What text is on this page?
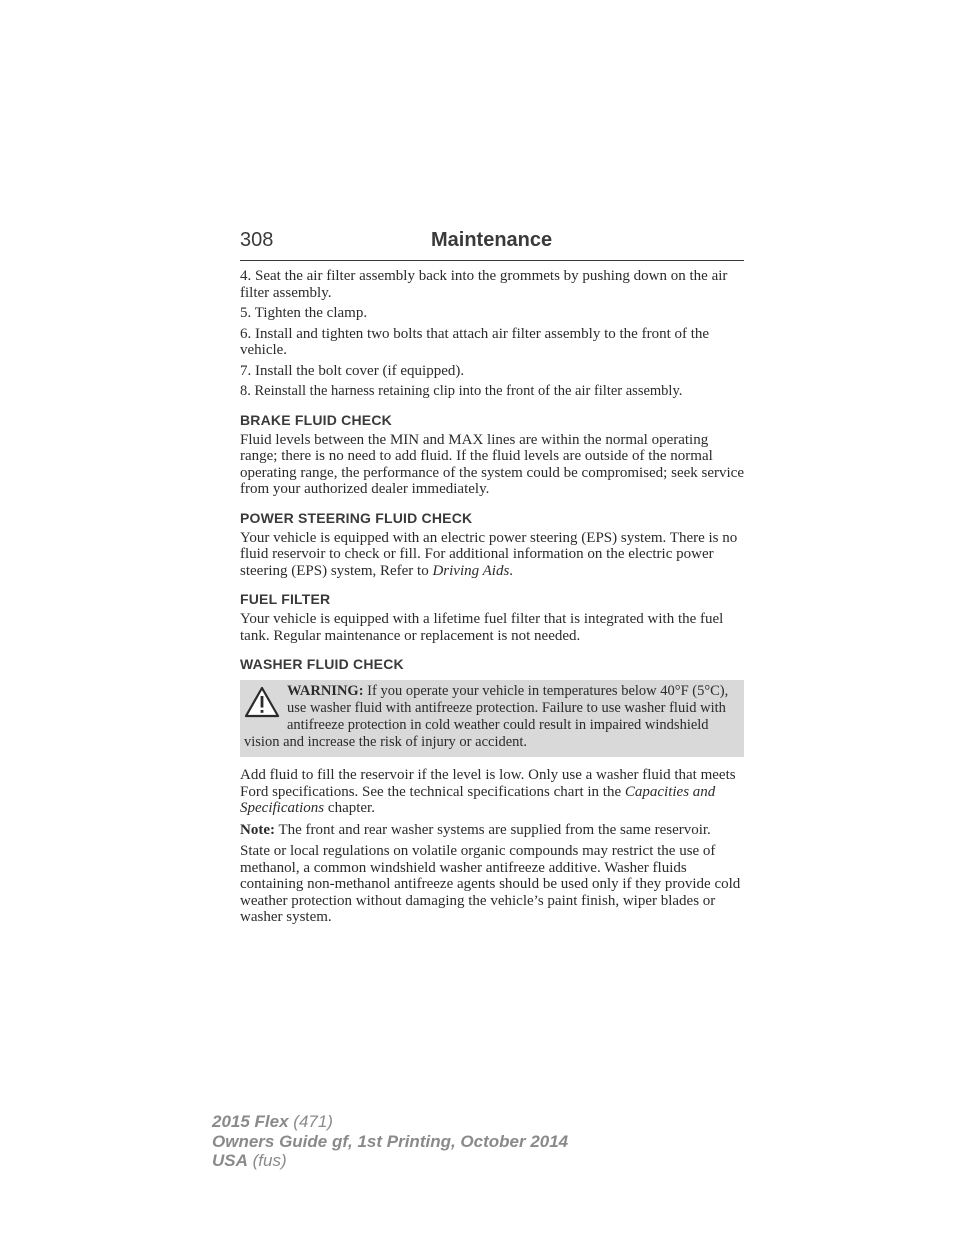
308	Maintenance

4. Seat the air filter assembly back into the grommets by pushing down on the air filter assembly.

5. Tighten the clamp.

6. Install and tighten two bolts that attach air filter assembly to the front of the vehicle.

7. Install the bolt cover (if equipped).

8. Reinstall the harness retaining clip into the front of the air filter assembly.

BRAKE FLUID CHECK

Fluid levels between the MIN and MAX lines are within the normal operating range; there is no need to add fluid. If the fluid levels are outside of the normal operating range, the performance of the system could be compromised; seek service from your authorized dealer immediately.

POWER STEERING FLUID CHECK

Your vehicle is equipped with an electric power steering (EPS) system. There is no fluid reservoir to check or fill. For additional information on the electric power steering (EPS) system, Refer to Driving Aids.

FUEL FILTER

Your vehicle is equipped with a lifetime fuel filter that is integrated with the fuel tank. Regular maintenance or replacement is not needed.

WASHER FLUID CHECK

WARNING: If you operate your vehicle in temperatures below 40°F (5°C), use washer fluid with antifreeze protection. Failure to use washer fluid with antifreeze protection in cold weather could result in impaired windshield vision and increase the risk of injury or accident.

Add fluid to fill the reservoir if the level is low. Only use a washer fluid that meets Ford specifications. See the technical specifications chart in the Capacities and Specifications chapter.

Note: The front and rear washer systems are supplied from the same reservoir.

State or local regulations on volatile organic compounds may restrict the use of methanol, a common windshield washer antifreeze additive. Washer fluids containing non-methanol antifreeze agents should be used only if they provide cold weather protection without damaging the vehicle’s paint finish, wiper blades or washer system.

2015 Flex (471)
Owners Guide gf, 1st Printing, October 2014
USA (fus)
